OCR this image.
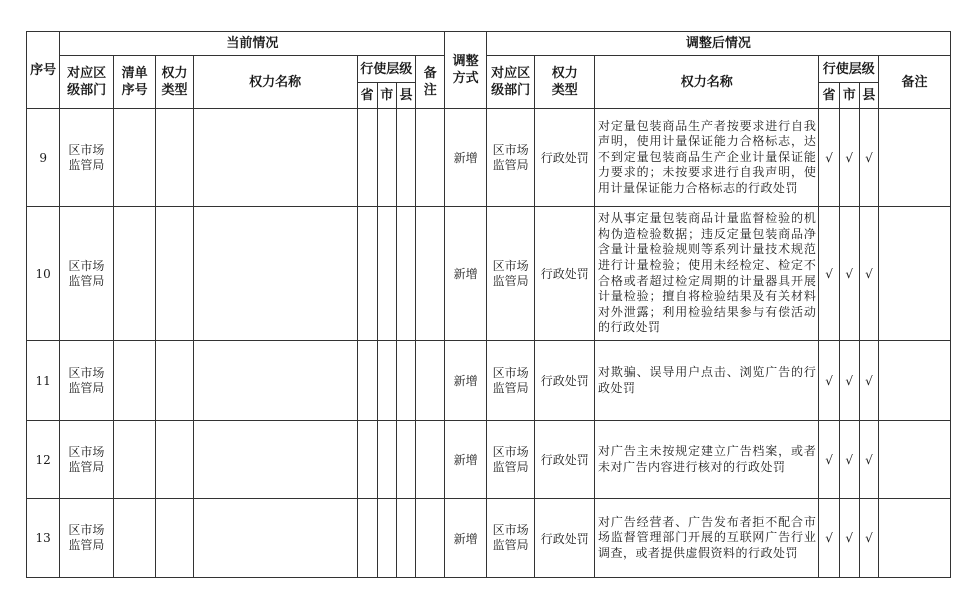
序号	当前情况								调整方式	调整后情况						

	对应区级部门	清单序号	权力类型	权力名称	行使层级			备注		对应区级部门	权力类型	权力名称	行使层级			备注
					省	市	县						省	市	县	
9	区市场监管局								新增	区市场监管局	行政处罚	对定量包装商品生产者按要求进行自我声明，使用计量保证能力合格标志，达不到定量包装商品生产企业计量保证能力要求的；未按要求进行自我声明，使用计量保证能力合格标志的行政处罚	√	√	√	
10	区市场监管局								新增	区市场监管局	行政处罚	对从事定量包装商品计量监督检验的机构伪造检验数据；违反定量包装商品净含量计量检验规则等系列计量技术规范进行计量检验；使用未经检定、检定不合格或者超过检定周期的计量器具开展计量检验；擅自将检验结果及有关材料对外泄露；利用检验结果参与有偿活动的行政处罚	√	√	√	
11	区市场监管局								新增	区市场监管局	行政处罚	对欺骗、误导用户点击、浏览广告的行政处罚	√	√	√	
12	区市场监管局								新增	区市场监管局	行政处罚	对广告主未按规定建立广告档案，或者未对广告内容进行核对的行政处罚	√	√	√	
13	区市场监管局								新增	区市场监管局	行政处罚	对广告经营者、广告发布者拒不配合市场监督管理部门开展的互联网广告行业调查，或者提供虚假资料的行政处罚	√	√	√	
